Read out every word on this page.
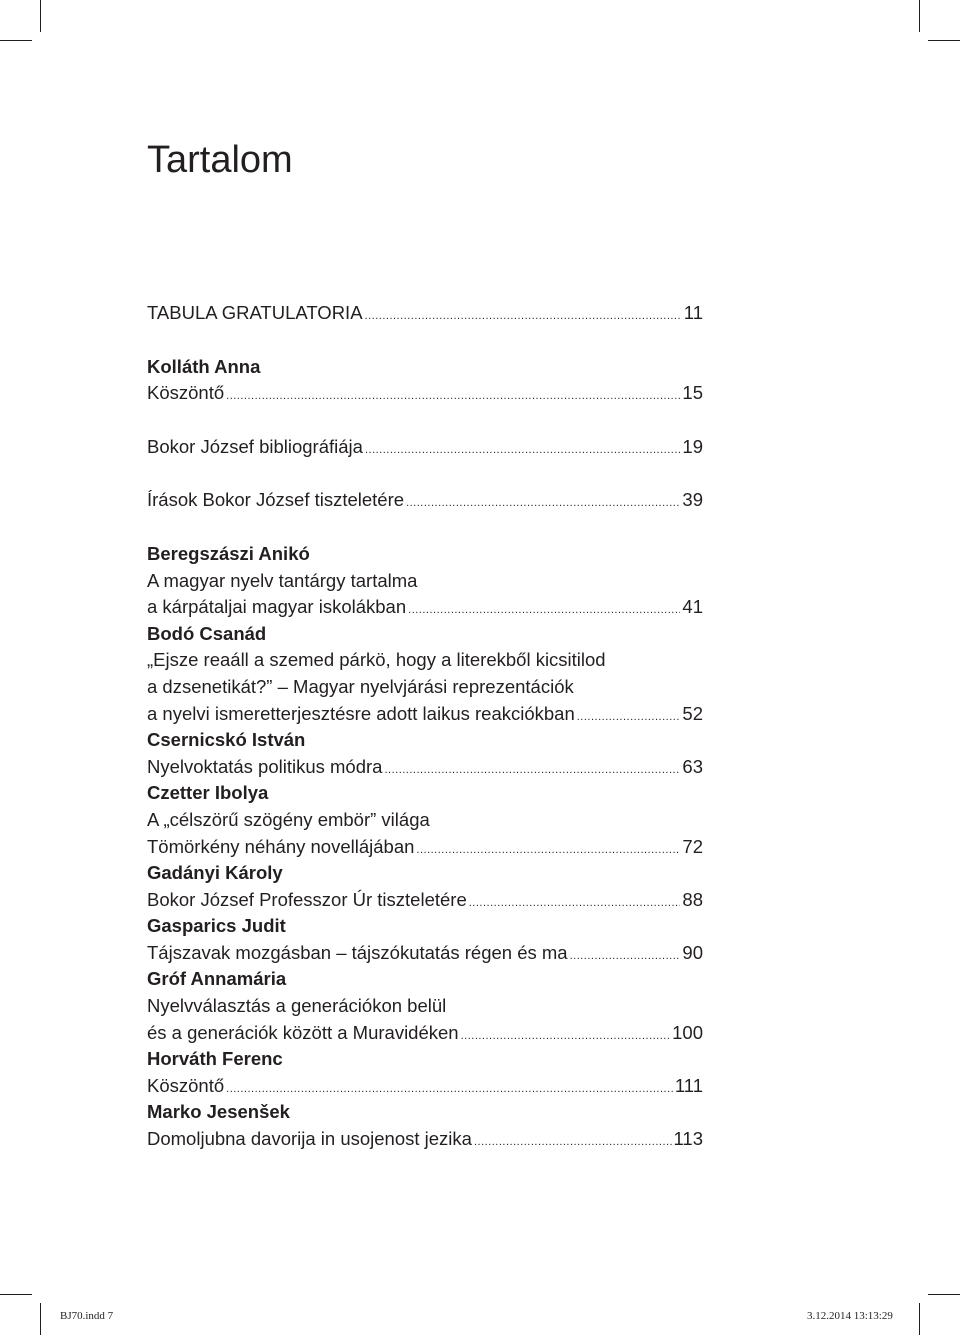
Tartalom
TABULA GRATULATORIA .....	11
Kolláth Anna
Köszöntő .....	15
Bokor József bibliográfiája .....	19
Írások Bokor József tiszteletére .....	39
Beregszászi Anikó
A magyar nyelv tantárgy tartalma
a kárpátaljai magyar iskolákban .....	41
Bodó Csanád
„Ejsze reaáll a szemed párkö, hogy a literekből kicsitilod
a dzsenetikát?” – Magyar nyelvjárási reprezentációk
a nyelvi ismeretterjesztésre adott laikus reakciókban .....	52
Csernicskó István
Nyelvoktatás politikus módra .....	63
Czetter Ibolya
A „célszörű szögény embör” világa
Tömörkény néhány novellájában .....	72
Gadányi Károly
Bokor József Professzor Úr tiszteletére .....	88
Gasparics Judit
Tájszavak mozgásban – tájszókutatás régen és ma .....	90
Gróf Annamária
Nyelvválasztás a generációkon belül
és a generációk között a Muravidéken .....	100
Horváth Ferenc
Köszöntő .....	111
Marko Jesenšek
Domoljubna davorija in usojenost jezika .....	113
BJ70.indd 7	3.12.2014 13:13:29
